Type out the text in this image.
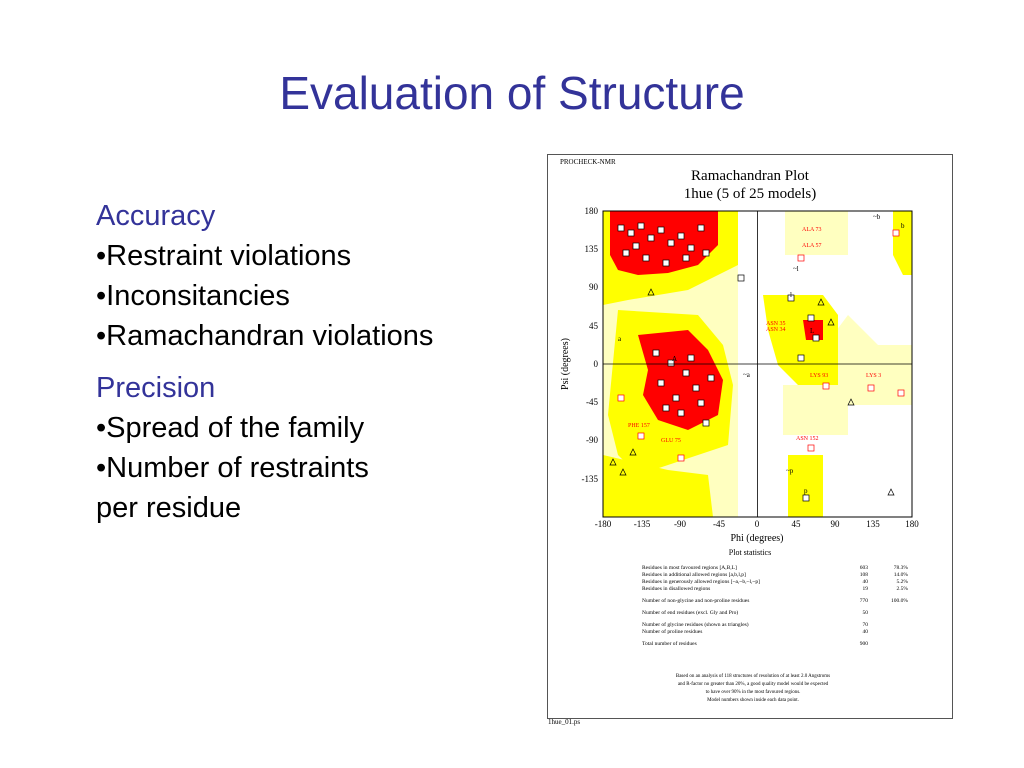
Evaluation of Structure
Accuracy
•Restraint violations
•Inconsitancies
•Ramachandran violations
Precision
•Spread of the family
•Number of restraints
per residue
PROCHECK-NMR
Ramachandran Plot
1hue (5 of 25 models)
-180	-135	-90	-45	0	45	90	135	180
180
135
90
45
0
-45
-90
-135
Phi (degrees)
Psi (degrees)
b
A
a
L
l
~b
~a
~l
~p
p
ALA 73
ALA 57
ASN 35
ASN 34
LYS 93	LYS 3
ASN 152
PHE 157
GLU 75
Plot statistics
Residues in most favoured regions [A,B,L]	603	78.3%
Residues in additional allowed regions [a,b,l,p]	108	14.0%
Residues in generously allowed regions [~a,~b,~l,~p]	40	5.2%
Residues in disallowed regions	19	2.5%
Number of non-glycine and non-proline residues	770	100.0%
Number of end residues (excl. Gly and Pro)	50
Number of glycine residues (shown as triangles)	70
Number of proline residues	40
Total number of residues	900
Based on an analysis of 118 structures of resolution of at least 2.0 Angstroms
and R-factor no greater than 20%, a good quality model would be expected
to have over 90% in the most favoured regions.
Model numbers shown inside each data point.
1hue_01.ps
